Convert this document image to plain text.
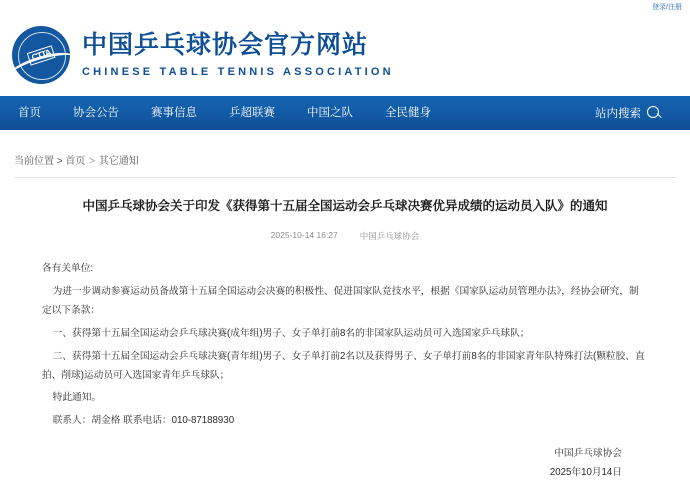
登录/注册
CTTA 中国乒乓球协会官方网站
CHINESE TABLE TENNIS ASSOCIATION
首页	协会公告	赛事信息	乒超联赛	中国之队	全民健身	站内搜索
当前位置 > 首页 > 其它通知
中国乒乓球协会关于印发《获得第十五届全国运动会乒乓球决赛优异成绩的运动员入队》的通知
2025-10-14 16:27	中国乒乓球协会

各有关单位:

为进一步调动参赛运动员备战第十五届全国运动会决赛的积极性、促进国家队竞技水平，根据《国家队运动员管理办法》，经协会研究，制定以下条款：

一、获得第十五届全国运动会乒乓球决赛(成年组)男子、女子单打前8名的非国家队运动员可入选国家乒乓球队；

二、获得第十五届全国运动会乒乓球决赛(青年组)男子、女子单打前2名以及获得男子、女子单打前8名的非国家青年队特殊打法(颗粒胶、直拍、削球)运动员可入选国家青年乒乓球队；

特此通知。

联系人：胡金格 联系电话：010-87188930

中国乒乓球协会
2025年10月14日
